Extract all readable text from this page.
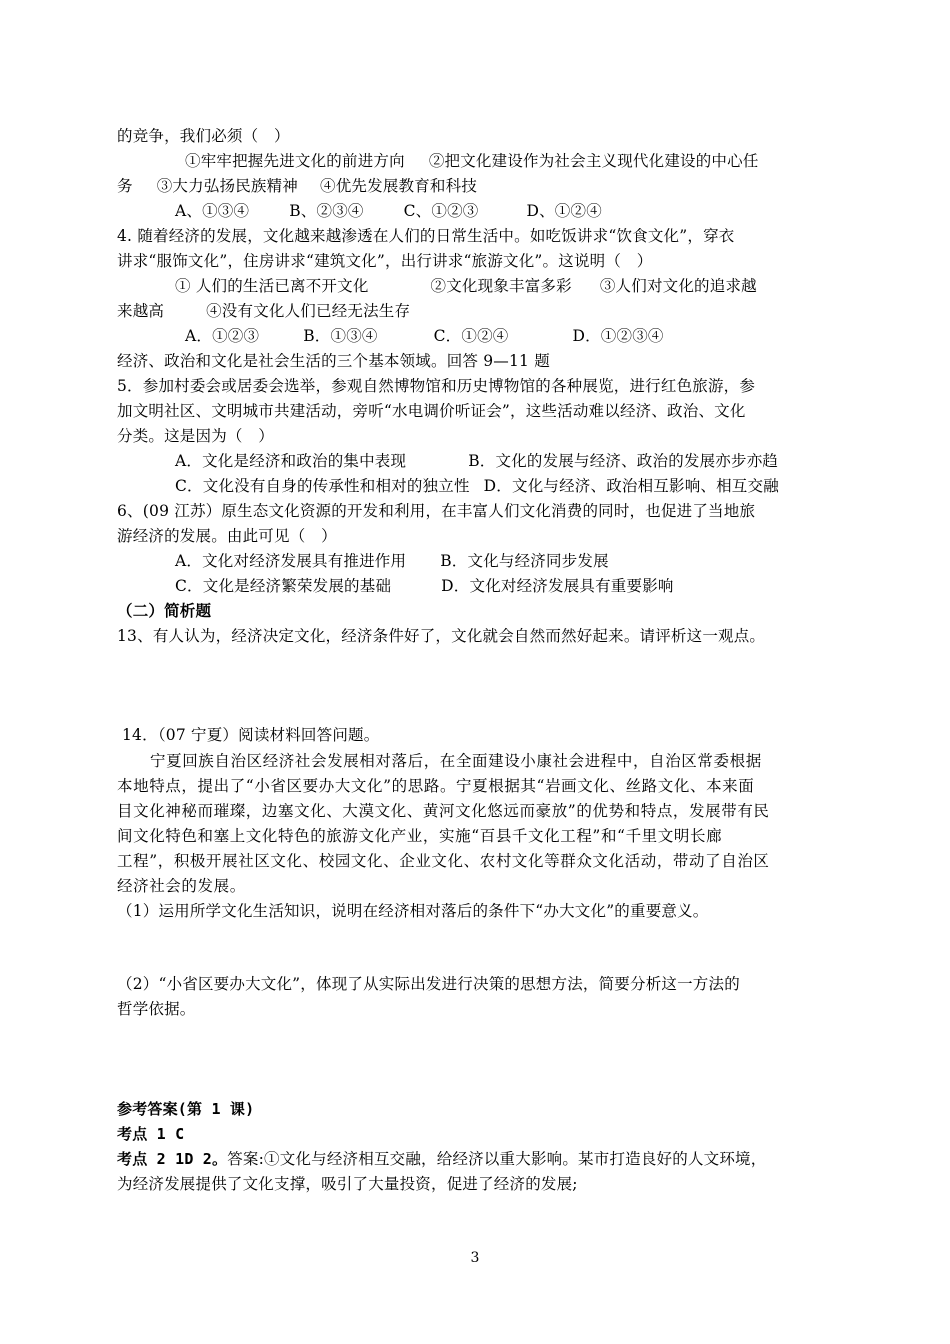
的竞争，我们必须（　）
①牢牢把握先进文化的前进方向 ②把文化建设作为社会主义现代化建设的中心任
务 ③大力弘扬民族精神 ④优先发展教育和科技
A、①③④	B、②③④	C、①②③	D、①②④
4. 随着经济的发展，文化越来越渗透在人们的日常生活中。如吃饭讲求“饮食文化”，穿衣
讲求“服饰文化”，住房讲求“建筑文化”，出行讲求“旅游文化”。这说明（　）
① 人们的生活已离不开文化	②文化现象丰富多彩 ③人们对文化的追求越
来越高	④没有文化人们已经无法生存
A．①②③	B．①③④	C．①②④	D．①②③④
经济、政治和文化是社会生活的三个基本领域。回答 9—11 题
5．参加村委会或居委会选举，参观自然博物馆和历史博物馆的各种展览，进行红色旅游，参
加文明社区、文明城市共建活动，旁听“水电调价听证会”，这些活动难以经济、政治、文化
分类。这是因为（　）
A．文化是经济和政治的集中表现	B．文化的发展与经济、政治的发展亦步亦趋
C．文化没有自身的传承性和相对的独立性 D．文化与经济、政治相互影响、相互交融
6、(09 江苏）原生态文化资源的开发和利用，在丰富人们文化消费的同时，也促进了当地旅
游经济的发展。由此可见（　）
A．文化对经济发展具有推进作用 B．文化与经济同步发展
C．文化是经济繁荣发展的基础	D．文化对经济发展具有重要影响
（二）简析题
13、有人认为，经济决定文化，经济条件好了，文化就会自然而然好起来。请评析这一观点。
14．（07 宁夏）阅读材料回答问题。
宁夏回族自治区经济社会发展相对落后，在全面建设小康社会进程中，自治区常委根据
本地特点，提出了“小省区要办大文化”的思路。宁夏根据其“岩画文化、丝路文化、本来面
目文化神秘而璀璨，边塞文化、大漠文化、黄河文化悠远而豪放”的优势和特点，发展带有民
间文化特色和塞上文化特色的旅游文化产业，实施“百县千文化工程”和“千里文明长廊
工程”，积极开展社区文化、校园文化、企业文化、农村文化等群众文化活动，带动了自治区
经济社会的发展。
（1）运用所学文化生活知识，说明在经济相对落后的条件下“办大文化”的重要意义。
（2）“小省区要办大文化”，体现了从实际出发进行决策的思想方法，简要分析这一方法的
哲学依据。
参考答案(第 1 课)
考点 1 C
考点 2 1D 2。答案:①文化与经济相互交融，给经济以重大影响。某市打造良好的人文环境，
为经济发展提供了文化支撑，吸引了大量投资，促进了经济的发展;
3
